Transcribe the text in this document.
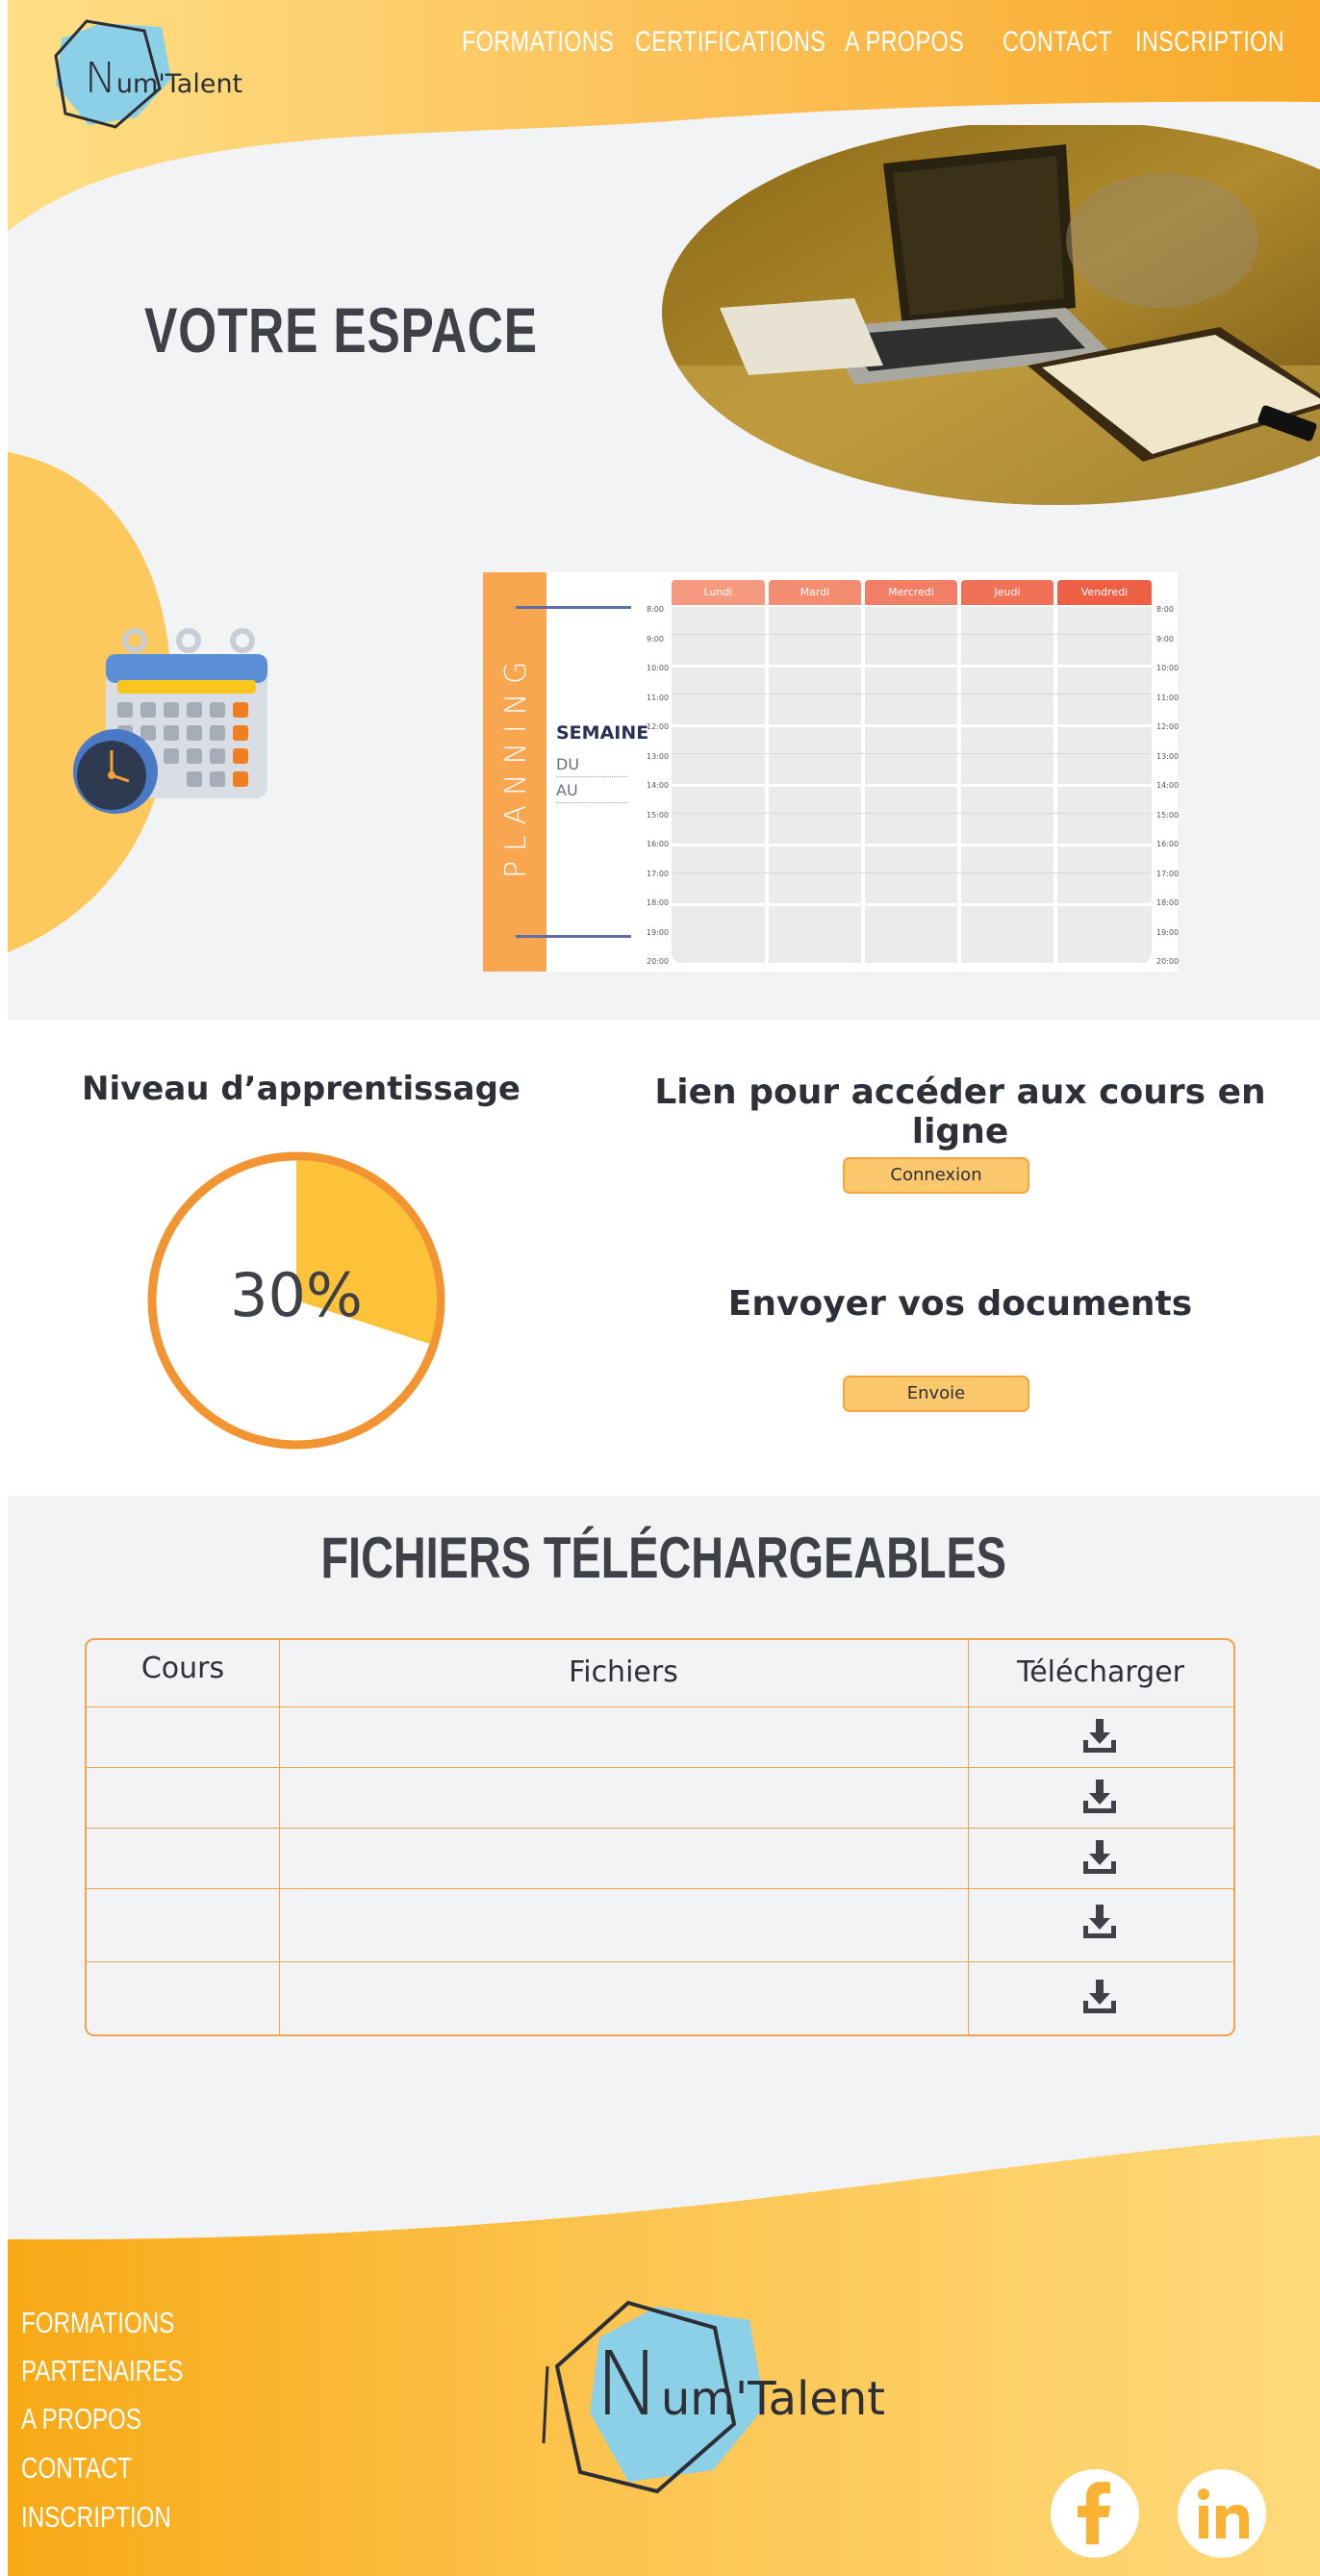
Num'Talent
FORMATIONS CERTIFICATIONS A PROPOS	CONTACT INSCRIPTION
VOTRE ESPACE
PLANNING SEMAINE
DU
AU
Lundi	Mardi	Mercredi	Jeudi	Vendredi
8:00	8:00
9:00	9:00
10:00	10:00
11:00	11:00
12:00	12:00
13:00	13:00
14:00	14:00
15:00	15:00
16:00	16:00
17:00	17:00
18:00	18:00
19:00	19:00
20:00	20:00
Niveau d’apprentissage
30%
Lien pour accéder aux cours en ligne
Connexion
Envoyer vos documents
Envoie
FICHIERS TÉLÉCHARGEABLES
Cours	Fichiers	Télécharger
FORMATIONS
PARTENAIRES
A PROPOS
CONTACT
INSCRIPTION
Num'Talent
